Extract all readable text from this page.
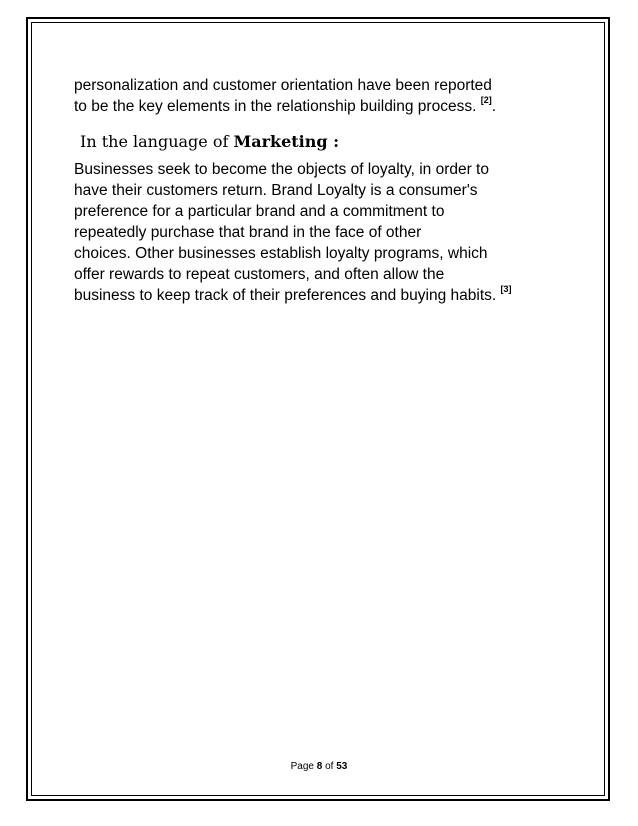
personalization and customer orientation have been reported
to be the key elements in the relationship building process. [2].

In the language of Marketing :

Businesses seek to become the objects of loyalty, in order to
have their customers return. Brand Loyalty is a consumer's
preference for a particular brand and a commitment to
repeatedly purchase that brand in the face of other
choices. Other businesses establish loyalty programs, which
offer rewards to repeat customers, and often allow the
business to keep track of their preferences and buying habits. [3]

Page 8 of 53
